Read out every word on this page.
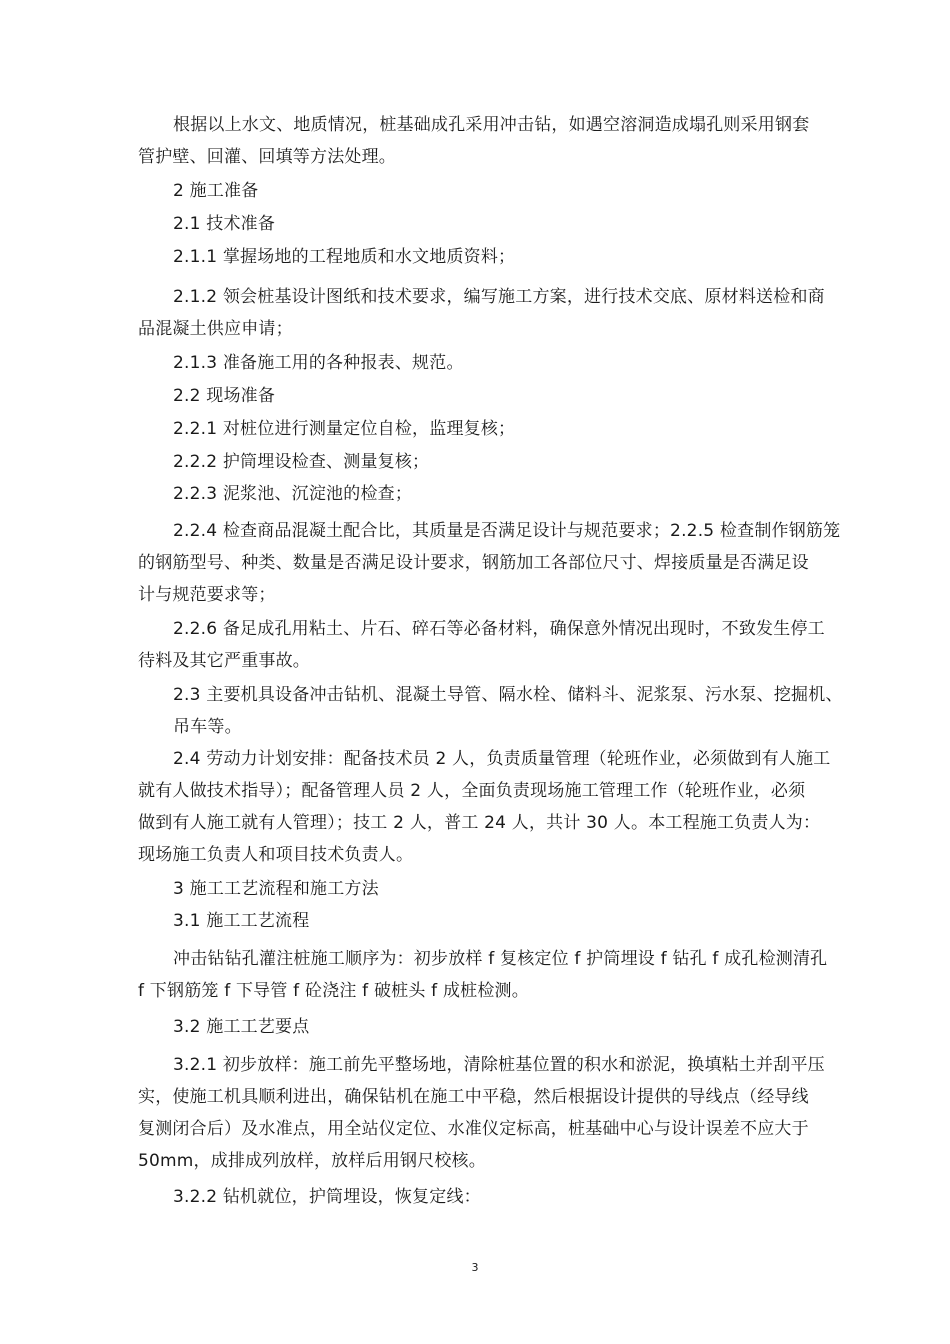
根据以上水文、地质情况，桩基础成孔采用冲击钻，如遇空溶洞造成塌孔则采用钢套
管护壁、回灌、回填等方法处理。
2 施工准备
2.1 技术准备
2.1.1 掌握场地的工程地质和水文地质资料；
2.1.2 领会桩基设计图纸和技术要求，编写施工方案，进行技术交底、原材料送检和商
品混凝土供应申请；
2.1.3 准备施工用的各种报表、规范。
2.2 现场准备
2.2.1 对桩位进行测量定位自检，监理复核；
2.2.2 护筒埋设检查、测量复核；
2.2.3 泥浆池、沉淀池的检查；
2.2.4 检查商品混凝土配合比，其质量是否满足设计与规范要求；2.2.5 检查制作钢筋笼
的钢筋型号、种类、数量是否满足设计要求，钢筋加工各部位尺寸、焊接质量是否满足设
计与规范要求等；
2.2.6 备足成孔用粘土、片石、碎石等必备材料，确保意外情况出现时，不致发生停工
待料及其它严重事故。
2.3 主要机具设备冲击钻机、混凝土导管、隔水栓、储料斗、泥浆泵、污水泵、挖掘机、
吊车等。
2.4 劳动力计划安排：配备技术员 2 人，负责质量管理（轮班作业，必须做到有人施工
就有人做技术指导）；配备管理人员 2 人，全面负责现场施工管理工作（轮班作业，必须
做到有人施工就有人管理）；技工 2 人，普工 24 人，共计 30 人。本工程施工负责人为：
现场施工负责人和项目技术负责人。
3 施工工艺流程和施工方法
3.1 施工工艺流程
冲击钻钻孔灌注桩施工顺序为：初步放样 f 复核定位 f 护筒埋设 f 钻孔 f 成孔检测清孔
f 下钢筋笼 f 下导管 f 砼浇注 f 破桩头 f 成桩检测。
3.2 施工工艺要点
3.2.1 初步放样：施工前先平整场地，清除桩基位置的积水和淤泥，换填粘土并刮平压
实，使施工机具顺利进出，确保钻机在施工中平稳，然后根据设计提供的导线点（经导线
复测闭合后）及水准点，用全站仪定位、水准仪定标高，桩基础中心与设计误差不应大于
50mm，成排成列放样，放样后用钢尺校核。
3.2.2 钻机就位，护筒埋设，恢复定线：
3
